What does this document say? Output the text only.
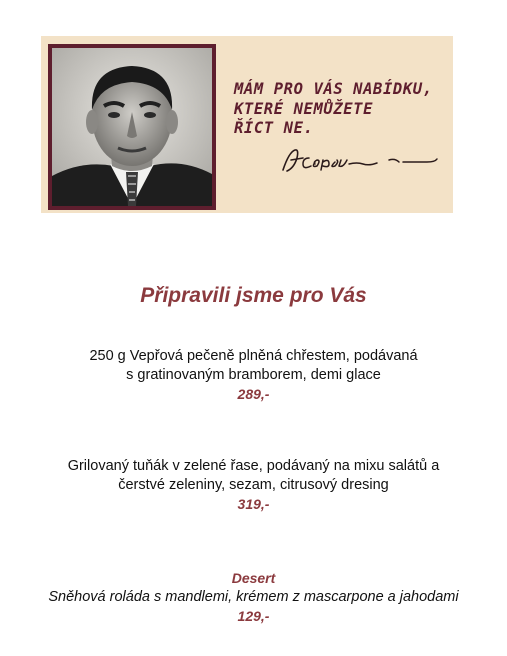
MÁM PRO VÁS NABÍDKU,
KTERÉ NEMŮŽETE
ŘÍCT NE.
Připravili jsme pro Vás
250 g Vepřová pečeně plněná chřestem, podávaná
s gratinovaným bramborem, demi glace
289,-
Grilovaný tuňák v zelené řase, podávaný na mixu salátů a
čerstvé zeleniny, sezam, citrusový dresing
319,-
Desert
Sněhová roláda s mandlemi, krémem z mascarpone a jahodami
129,-
